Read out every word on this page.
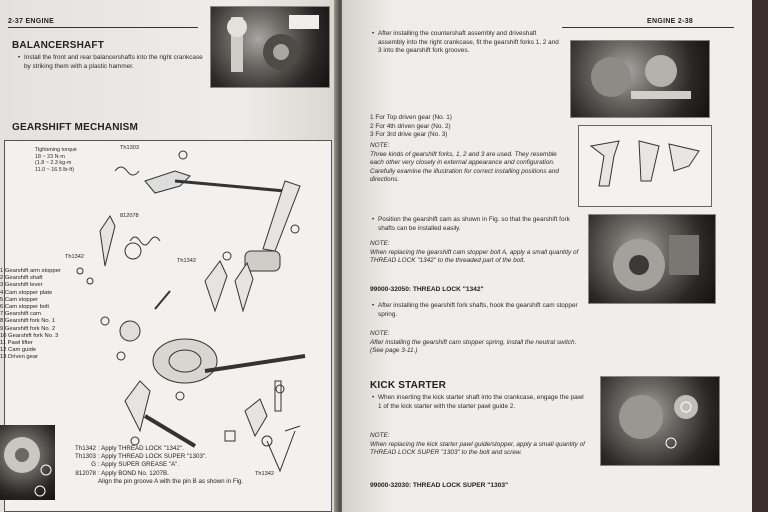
2-37 ENGINE
BALANCERSHAFT
• Install the front and rear balancershafts into the right crankcase by striking them with a plastic hammer.
GEARSHIFT MECHANISM
Tightening torque
18 ~ 23 N·m
(1.8 ~ 2.3 kg-m
11.0 ~ 16.5 lb-ft)
Th1303
812078
Th1342
Th1342
Th1342
1 Gearshift arm stopper
2 Gearshift shaft
3 Gearshift lever
4 Cam stopper plate
5 Cam stopper
6 Cam stopper bolt
7 Gearshift cam
8 Gearshift fork No. 1
9 Gearshift fork No. 2
10 Gearshift fork No. 3
11 Pawl lifter
12 Cam guide
13 Driven gear
Th1342 : Apply THREAD LOCK "1342".
Th1303 : Apply THREAD LOCK SUPER "1303".
G : Apply SUPER GREASE "A".
812078 : Apply BOND No. 1207B.
Align the pin groove A with the pin B as shown in Fig.
ENGINE 2-38
• After installing the countershaft assembly and driveshaft assembly into the right crankcase, fit the gearshift forks 1, 2 and 3 into the gearshift fork grooves.
1 For Top driven gear (No. 1)
2 For 4th driven gear (No. 2)
3 For 3rd drive gear (No. 3)
NOTE:
Three kinds of gearshift forks, 1, 2 and 3 are used. They resemble each other very closely in external appearance and configuration. Carefully examine the illustration for correct installing positions and directions.
• Position the gearshift cam as shown in Fig. so that the gearshift fork shafts can be installed easily.
NOTE:
When replacing the gearshift cam stopper bolt A, apply a small quantity of THREAD LOCK "1342" to the threaded part of the bolt.
99000-32050: THREAD LOCK "1342"
• After installing the gearshift fork shafts, hook the gearshift cam stopper spring.
NOTE:
After installing the gearshift cam stopper spring, install the neutral switch. (See page 3-11.)
KICK STARTER
• When inserting the kick starter shaft into the crankcase, engage the pawl 1 of the kick starter with the starter pawl guide 2.
NOTE:
When replacing the kick starter pawl guide/stopper, apply a small quantity of THREAD LOCK SUPER "1303" to the bolt and screw.
99000-32030: THREAD LOCK SUPER "1303"
